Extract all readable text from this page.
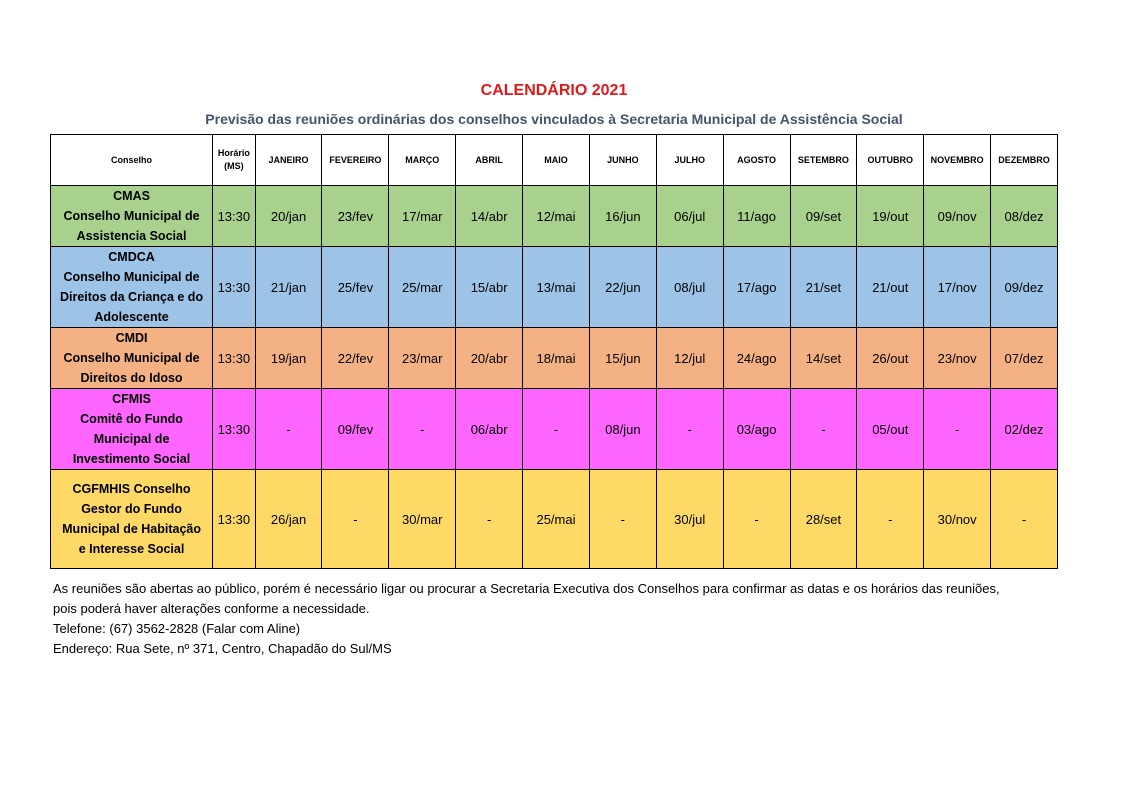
CALENDÁRIO 2021
Previsão das reuniões ordinárias dos conselhos vinculados à Secretaria Municipal de Assistência Social
Conselho	Horário (MS)	JANEIRO	FEVEREIRO	MARÇO	ABRIL	MAIO	JUNHO	JULHO	AGOSTO	SETEMBRO	OUTUBRO	NOVEMBRO	DEZEMBRO

CMAS
Conselho Municipal de
Assistencia Social	13:30	20/jan	23/fev	17/mar	14/abr	12/mai	16/jun	06/jul	11/ago	09/set	19/out	09/nov	08/dez

CMDCA
Conselho Municipal de
Direitos da Criança e do
Adolescente	13:30	21/jan	25/fev	25/mar	15/abr	13/mai	22/jun	08/jul	17/ago	21/set	21/out	17/nov	09/dez

CMDI
Conselho Municipal de
Direitos do Idoso	13:30	19/jan	22/fev	23/mar	20/abr	18/mai	15/jun	12/jul	24/ago	14/set	26/out	23/nov	07/dez

CFMIS
Comitê do Fundo
Municipal de
Investimento Social	13:30	-	09/fev	-	06/abr	-	08/jun	-	03/ago	-	05/out	-	02/dez

CGFMHIS Conselho
Gestor do Fundo
Municipal de Habitação
e Interesse Social	13:30	26/jan	-	30/mar	-	25/mai	-	30/jul	-	28/set	-	30/nov	-

As reuniões são abertas ao público, porém é necessário ligar ou procurar a Secretaria Executiva dos Conselhos para confirmar as datas e os horários das reuniões,

pois poderá haver alterações conforme a necessidade.

Telefone: (67) 3562-2828 (Falar com Aline)

Endereço: Rua Sete, nº 371, Centro, Chapadão do Sul/MS
